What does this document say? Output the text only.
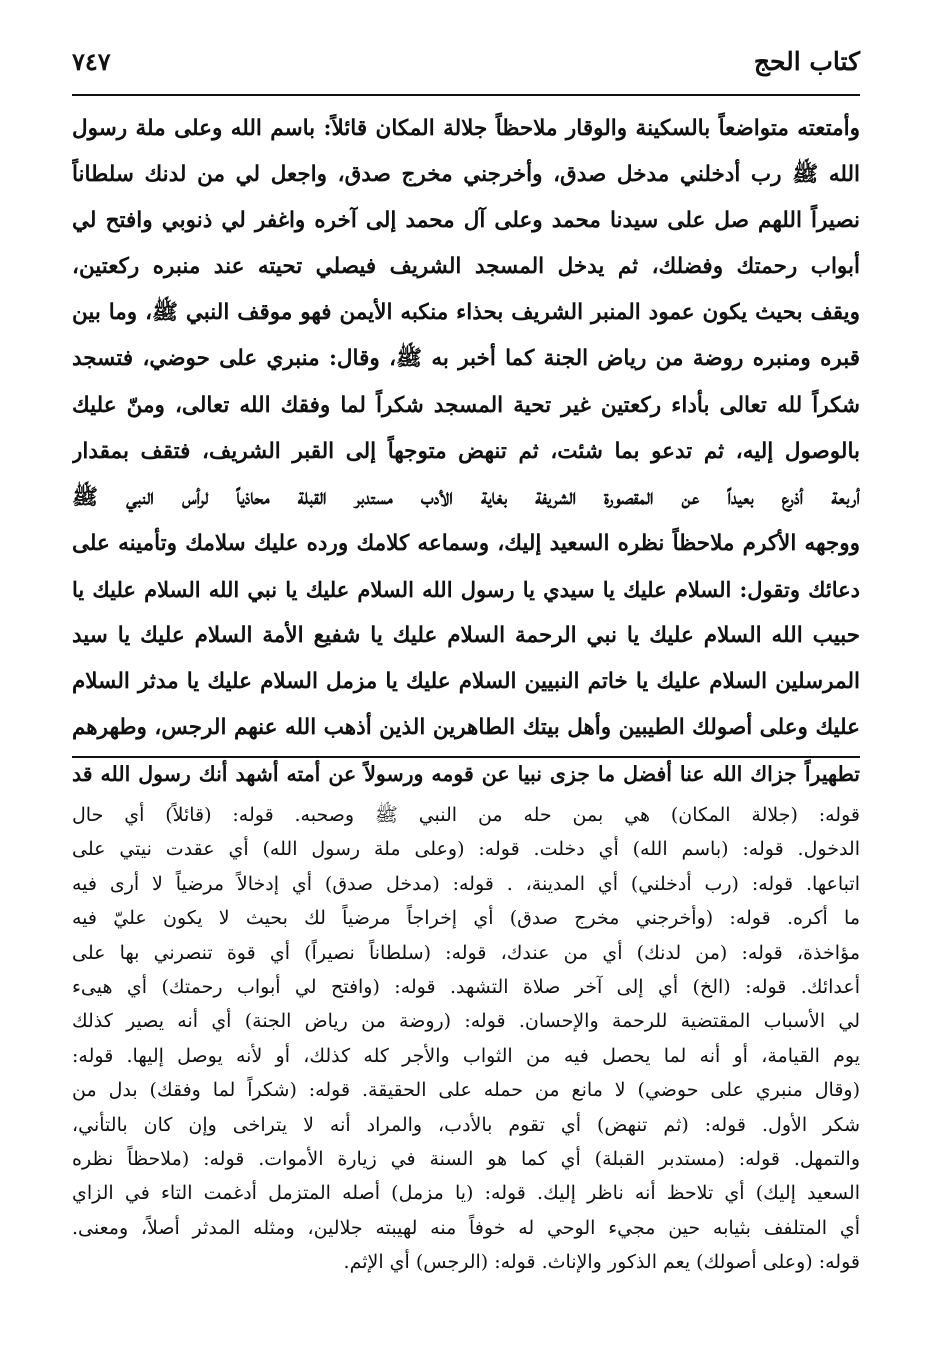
كتاب الحج
٧٤٧
وأمتعته متواضعاً بالسكينة والوقار ملاحظاً جلالة المكان قائلاً: باسم الله وعلى ملة رسول
الله ﷺ رب أدخلني مدخل صدق، وأخرجني مخرج صدق، واجعل لي من لدنك سلطاناً
نصيراً اللهم صل على سيدنا محمد وعلى آل محمد إلى آخره واغفر لي ذنوبي وافتح لي
أبواب رحمتك وفضلك، ثم يدخل المسجد الشريف فيصلي تحيته عند منبره ركعتين،
ويقف بحيث يكون عمود المنبر الشريف بحذاء منكبه الأيمن فهو موقف النبي ﷺ، وما بين
قبره ومنبره روضة من رياض الجنة كما أخبر به ﷺ، وقال: منبري على حوضي، فتسجد
شكراً لله تعالى بأداء ركعتين غير تحية المسجد شكراً لما وفقك الله تعالى، ومنّ عليك
بالوصول إليه، ثم تدعو بما شئت، ثم تنهض متوجهاً إلى القبر الشريف، فتقف بمقدار
أربعة أذرع بعيداً عن المقصورة الشريفة بغاية الأدب مستدبر القبلة محاذياً لرأس النبي ﷺ
ووجهه الأكرم ملاحظاً نظره السعيد إليك، وسماعه كلامك ورده عليك سلامك وتأمينه على
دعائك وتقول: السلام عليك يا سيدي يا رسول الله السلام عليك يا نبي الله السلام عليك يا
حبيب الله السلام عليك يا نبي الرحمة السلام عليك يا شفيع الأمة السلام عليك يا سيد
المرسلين السلام عليك يا خاتم النبيين السلام عليك يا مزمل السلام عليك يا مدثر السلام
عليك وعلى أصولك الطيبين وأهل بيتك الطاهرين الذين أذهب الله عنهم الرجس، وطهرهم
تطهيراً جزاك الله عنا أفضل ما جزى نبيا عن قومه ورسولاً عن أمته أشهد أنك رسول الله قد
قوله: (جلالة المكان) هي بمن حله من النبي ﷺ وصحبه. قوله: (قائلاً) أي حال
الدخول. قوله: (باسم الله) أي دخلت. قوله: (وعلى ملة رسول الله) أي عقدت نيتي على
اتباعها. قوله: (رب أدخلني) أي المدينة، . قوله: (مدخل صدق) أي إدخالاً مرضياً لا أرى فيه
ما أكره. قوله: (وأخرجني مخرج صدق) أي إخراجاً مرضياً لك بحيث لا يكون عليّ فيه
مؤاخذة، قوله: (من لدنك) أي من عندك، قوله: (سلطاناً نصيراً) أي قوة تنصرني بها على
أعدائك. قوله: (الخ) أي إلى آخر صلاة التشهد. قوله: (وافتح لي أبواب رحمتك) أي هيىء
لي الأسباب المقتضية للرحمة والإحسان. قوله: (روضة من رياض الجنة) أي أنه يصير كذلك
يوم القيامة، أو أنه لما يحصل فيه من الثواب والأجر كله كذلك، أو لأنه يوصل إليها. قوله:
(وقال منبري على حوضي) لا مانع من حمله على الحقيقة. قوله: (شكراً لما وفقك) بدل من
شكر الأول. قوله: (ثم تنهض) أي تقوم بالأدب، والمراد أنه لا يتراخى وإن كان بالتأني،
والتمهل. قوله: (مستدبر القبلة) أي كما هو السنة في زيارة الأموات. قوله: (ملاحظاً نظره
السعيد إليك) أي تلاحظ أنه ناظر إليك. قوله: (يا مزمل) أصله المتزمل أدغمت التاء في الزاي
أي المتلفف بثيابه حين مجيء الوحي له خوفاً منه لهيبته جلالين، ومثله المدثر أصلاً، ومعنى.
قوله: (وعلى أصولك) يعم الذكور والإناث. قوله: (الرجس) أي الإثم.
